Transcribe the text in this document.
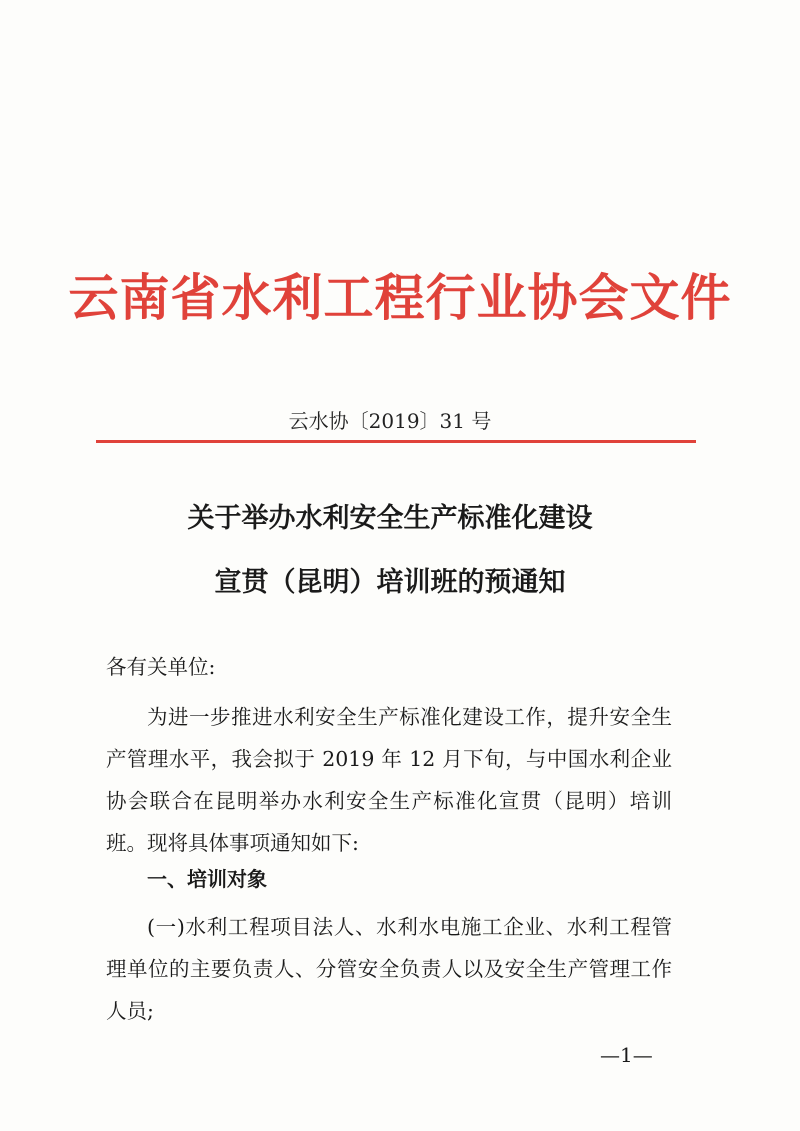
云南省水利工程行业协会文件
云水协〔2019〕31 号
关于举办水利安全生产标准化建设
宣贯（昆明）培训班的预通知
各有关单位:
为进一步推进水利安全生产标准化建设工作，提升安全生产管理水平，我会拟于 2019 年 12 月下旬，与中国水利企业协会联合在昆明举办水利安全生产标准化宣贯（昆明）培训班。现将具体事项通知如下:
一、培训对象
(一)水利工程项目法人、水利水电施工企业、水利工程管理单位的主要负责人、分管安全负责人以及安全生产管理工作人员;
—1—
